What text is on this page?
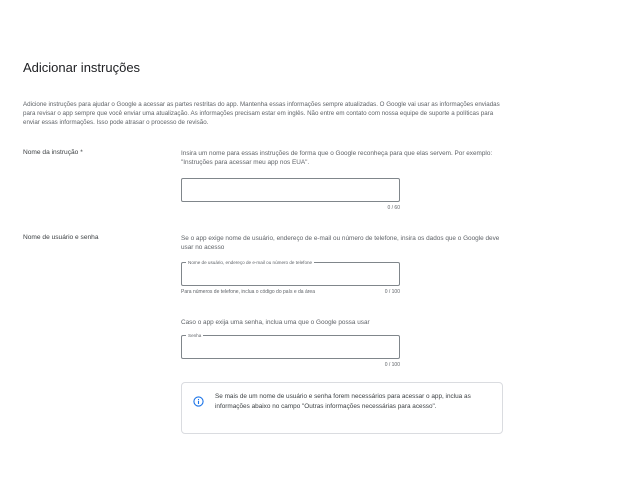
Adicionar instruções

Adicione instruções para ajudar o Google a acessar as partes restritas do app. Mantenha essas informações sempre atualizadas. O Google vai usar as informações enviadas para revisar o app sempre que você enviar uma atualização. As informações precisam estar em inglês. Não entre em contato com nossa equipe de suporte a políticas para enviar essas informações. Isso pode atrasar o processo de revisão.

Nome da instrução *	Insira um nome para essas instruções de forma que o Google reconheça para que elas servem. Por exemplo: "Instruções para acessar meu app nos EUA".

0 / 60
Nome de usuário e senha	Se o app exige nome de usuário, endereço de e-mail ou número de telefone, insira os dados que o Google deve usar no acesso

Nome de usuário, endereço de e-mail ou número de telefone
Para números de telefone, inclua o código do país e da área	0 / 100

Caso o app exija uma senha, inclua uma que o Google possa usar

Senha
0 / 100

Se mais de um nome de usuário e senha forem necessários para acessar o app, inclua as informações abaixo no campo "Outras informações necessárias para acesso".
